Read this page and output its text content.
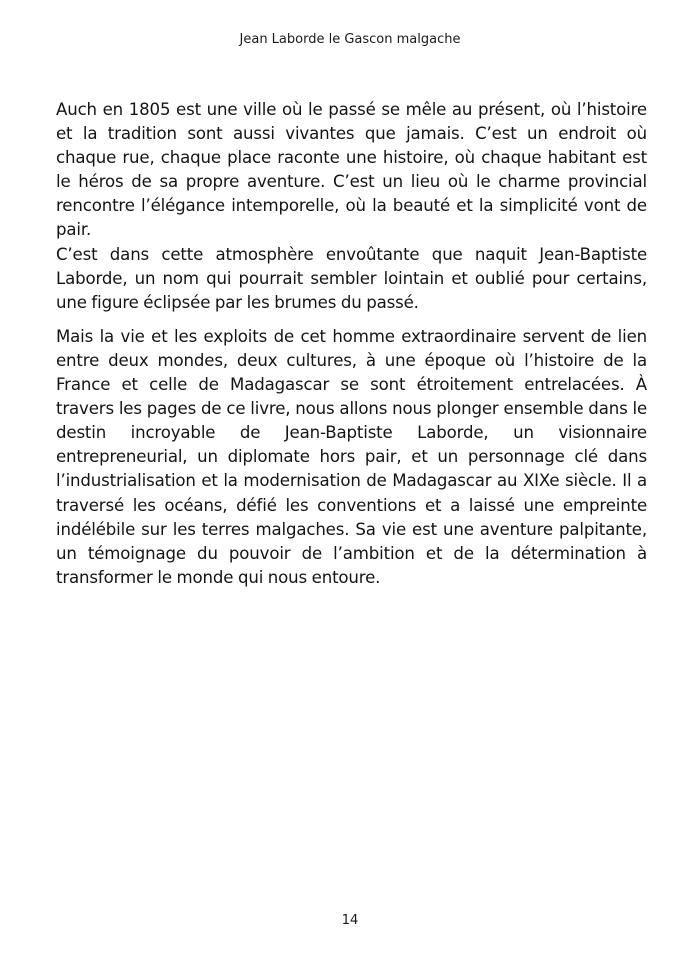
Jean Laborde le Gascon malgache

Auch en 1805 est une ville où le passé se mêle au présent, où l’histoire et la tradition sont aussi vivantes que jamais. C’est un endroit où chaque rue, chaque place raconte une histoire, où chaque habitant est le héros de sa propre aventure. C’est un lieu où le charme provincial rencontre l’élégance intemporelle, où la beauté et la simplicité vont de pair.

C’est dans cette atmosphère envoûtante que naquit Jean-Baptiste Laborde, un nom qui pourrait sembler lointain et oublié pour certains, une figure éclipsée par les brumes du passé.

Mais la vie et les exploits de cet homme extraordinaire servent de lien entre deux mondes, deux cultures, à une époque où l’histoire de la France et celle de Madagascar se sont étroitement entrelacées. À travers les pages de ce livre, nous allons nous plonger ensemble dans le destin incroyable de Jean-Baptiste Laborde, un visionnaire entrepreneurial, un diplomate hors pair, et un personnage clé dans l’industrialisation et la modernisation de Madagascar au XIXe siècle. Il a traversé les océans, défié les conventions et a laissé une empreinte indélébile sur les terres malgaches. Sa vie est une aventure palpitante, un témoignage du pouvoir de l’ambition et de la détermination à transformer le monde qui nous entoure.

14
